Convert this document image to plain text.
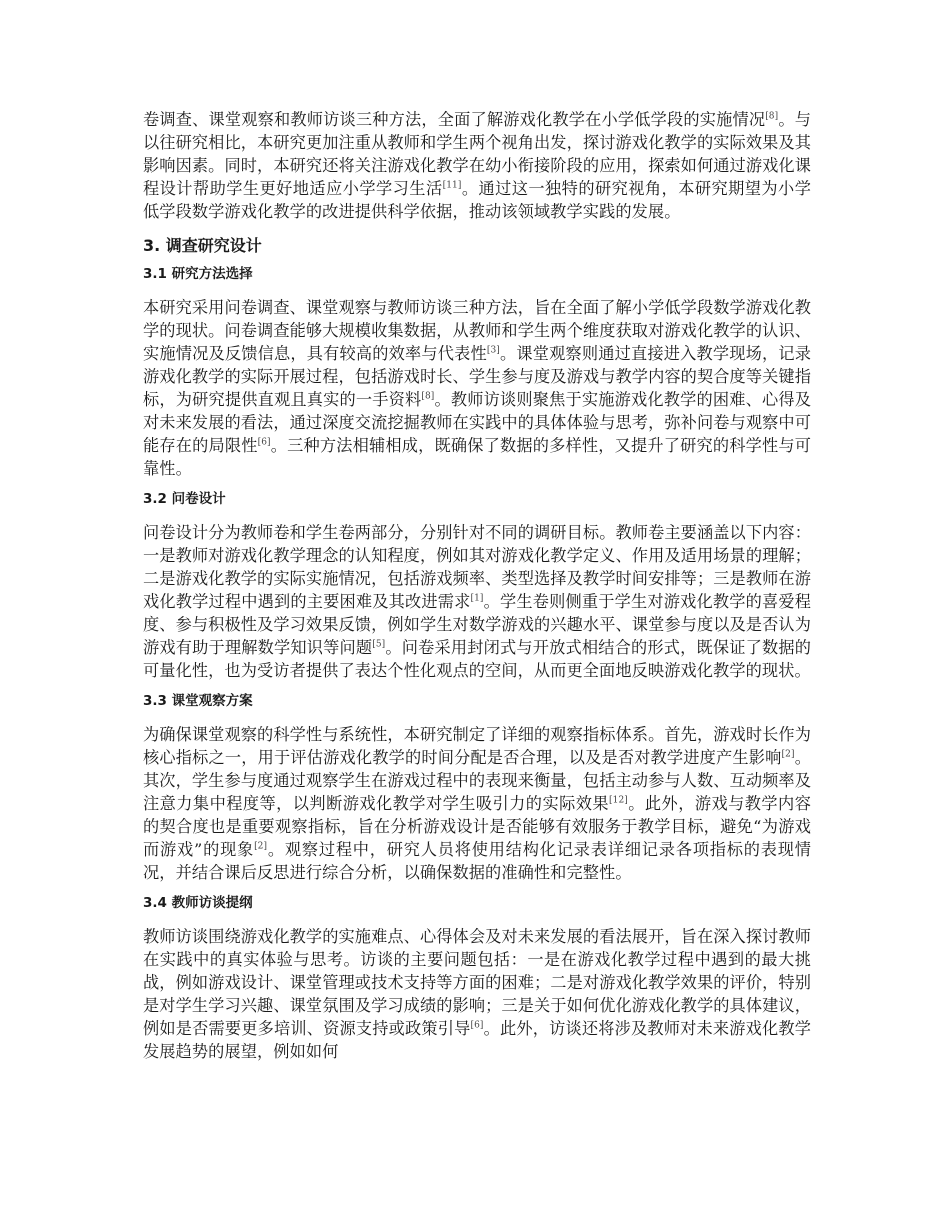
卷调查、课堂观察和教师访谈三种方法，全面了解游戏化教学在小学低学段的实施情况[8]。与以往研究相比，本研究更加注重从教师和学生两个视角出发，探讨游戏化教学的实际效果及其影响因素。同时，本研究还将关注游戏化教学在幼小衔接阶段的应用，探索如何通过游戏化课程设计帮助学生更好地适应小学学习生活[11]。通过这一独特的研究视角，本研究期望为小学低学段数学游戏化教学的改进提供科学依据，推动该领域教学实践的发展。

3. 调查研究设计
3.1 研究方法选择

本研究采用问卷调查、课堂观察与教师访谈三种方法，旨在全面了解小学低学段数学游戏化教学的现状。问卷调查能够大规模收集数据，从教师和学生两个维度获取对游戏化教学的认识、实施情况及反馈信息，具有较高的效率与代表性[3]。课堂观察则通过直接进入教学现场，记录游戏化教学的实际开展过程，包括游戏时长、学生参与度及游戏与教学内容的契合度等关键指标，为研究提供直观且真实的一手资料[8]。教师访谈则聚焦于实施游戏化教学的困难、心得及对未来发展的看法，通过深度交流挖掘教师在实践中的具体体验与思考，弥补问卷与观察中可能存在的局限性[6]。三种方法相辅相成，既确保了数据的多样性，又提升了研究的科学性与可靠性。

3.2 问卷设计

问卷设计分为教师卷和学生卷两部分，分别针对不同的调研目标。教师卷主要涵盖以下内容：一是教师对游戏化教学理念的认知程度，例如其对游戏化教学定义、作用及适用场景的理解；二是游戏化教学的实际实施情况，包括游戏频率、类型选择及教学时间安排等；三是教师在游戏化教学过程中遇到的主要困难及其改进需求[1]。学生卷则侧重于学生对游戏化教学的喜爱程度、参与积极性及学习效果反馈，例如学生对数学游戏的兴趣水平、课堂参与度以及是否认为游戏有助于理解数学知识等问题[5]。问卷采用封闭式与开放式相结合的形式，既保证了数据的可量化性，也为受访者提供了表达个性化观点的空间，从而更全面地反映游戏化教学的现状。

3.3 课堂观察方案

为确保课堂观察的科学性与系统性，本研究制定了详细的观察指标体系。首先，游戏时长作为核心指标之一，用于评估游戏化教学的时间分配是否合理，以及是否对教学进度产生影响[2]。其次，学生参与度通过观察学生在游戏过程中的表现来衡量，包括主动参与人数、互动频率及注意力集中程度等，以判断游戏化教学对学生吸引力的实际效果[12]。此外，游戏与教学内容的契合度也是重要观察指标，旨在分析游戏设计是否能够有效服务于教学目标，避免“为游戏而游戏”的现象[2]。观察过程中，研究人员将使用结构化记录表详细记录各项指标的表现情况，并结合课后反思进行综合分析，以确保数据的准确性和完整性。

3.4 教师访谈提纲

教师访谈围绕游戏化教学的实施难点、心得体会及对未来发展的看法展开，旨在深入探讨教师在实践中的真实体验与思考。访谈的主要问题包括：一是在游戏化教学过程中遇到的最大挑战，例如游戏设计、课堂管理或技术支持等方面的困难；二是对游戏化教学效果的评价，特别是对学生学习兴趣、课堂氛围及学习成绩的影响；三是关于如何优化游戏化教学的具体建议，例如是否需要更多培训、资源支持或政策引导[6]。此外，访谈还将涉及教师对未来游戏化教学发展趋势的展望，例如如何
